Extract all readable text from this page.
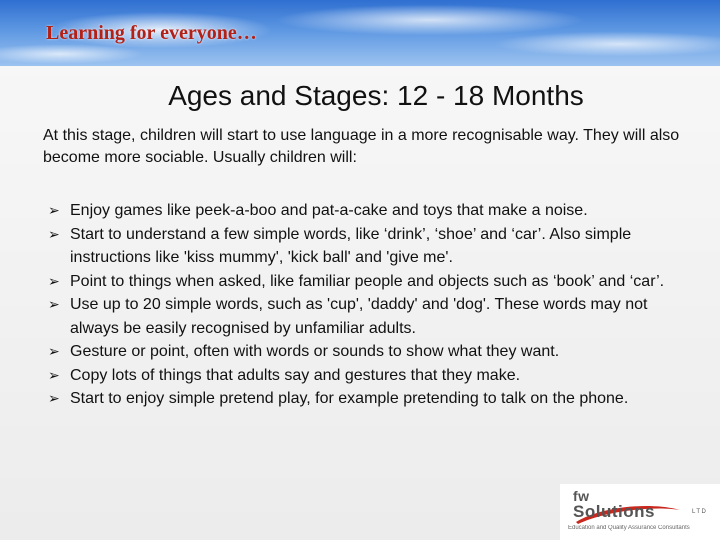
Learning for everyone…
Ages and Stages: 12 - 18 Months
At this stage, children will start to use language in a more recognisable way. They will also become more sociable. Usually children will:
➢ Enjoy games like peek-a-boo and pat-a-cake and toys that make a noise.
➢ Start to understand a few simple words, like ‘drink’, ‘shoe’ and ‘car’. Also simple instructions like 'kiss mummy', 'kick ball' and 'give me'.
➢ Point to things when asked, like familiar people and objects such as ‘book’ and ‘car’.
➢ Use up to 20 simple words, such as 'cup', 'daddy' and 'dog'. These words may not always be easily recognised by unfamiliar adults.
➢ Gesture or point, often with words or sounds to show what they want.
➢ Copy lots of things that adults say and gestures that they make.
➢ Start to enjoy simple pretend play, for example pretending to talk on the phone.
fw
Solutions	LTD
Education and Quality Assurance Consultants
